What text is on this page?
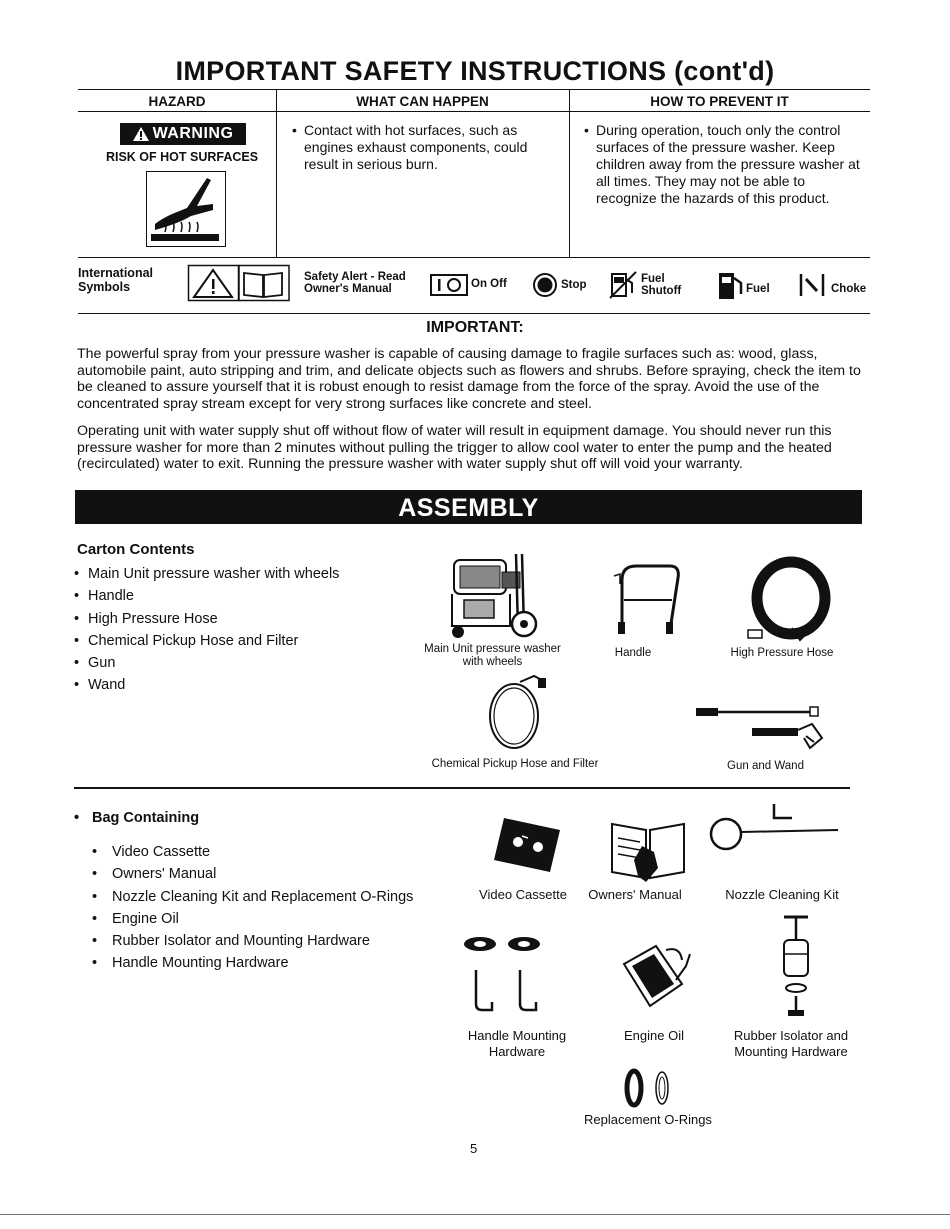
IMPORTANT SAFETY INSTRUCTIONS (cont'd)
HAZARD	WHAT CAN HAPPEN	HOW TO PREVENT IT
WARNING
RISK OF HOT SURFACES
• Contact with hot surfaces, such as engines exhaust components, could result in serious burn.
• During operation, touch only the control surfaces of the pressure washer. Keep children away from the pressure washer at all times. They may not be able to recognize the hazards of this product.
International
Symbols
Safety Alert - Read
Owner's Manual	On Off	Stop	Fuel
Shutoff	Fuel	Choke
IMPORTANT:
The powerful spray from your pressure washer is capable of causing damage to fragile surfaces such as: wood, glass, automobile paint, auto stripping and trim, and delicate objects such as flowers and shrubs. Before spraying, check the item to be cleaned to assure yourself that it is robust enough to resist damage from the force of the spray. Avoid the use of the concentrated spray stream except for very strong surfaces like concrete and steel.
Operating unit with water supply shut off without flow of water will result in equipment damage. You should never run this pressure washer for more than 2 minutes without pulling the trigger to allow cool water to enter the pump and the heated (recirculated) water to exit. Running the pressure washer with water supply shut off will void your warranty.
ASSEMBLY
Carton Contents
• Main Unit pressure washer with wheels
• Handle
• High Pressure Hose
• Chemical Pickup Hose and Filter
• Gun
• Wand
Main Unit pressure washer
with wheels
Handle	High Pressure Hose
Chemical Pickup Hose and Filter	Gun and Wand
• Bag Containing
• Video Cassette
• Owners' Manual
• Nozzle Cleaning Kit and Replacement O-Rings
• Engine Oil
• Rubber Isolator and Mounting Hardware
• Handle Mounting Hardware
Video Cassette	Owners' Manual	Nozzle Cleaning Kit
Handle Mounting
Hardware
Engine Oil	Rubber Isolator and
Mounting Hardware
Replacement O-Rings
5
